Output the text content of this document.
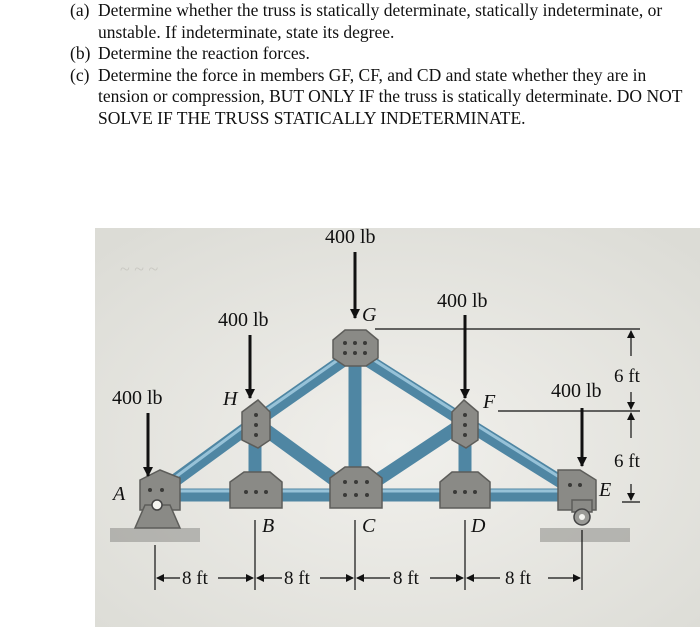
(a) Determine whether the truss is statically determinate, statically indeterminate, or unstable. If indeterminate, state its degree.
(b) Determine the reaction forces.
(c) Determine the force in members GF, CF, and CD and state whether they are in tension or compression, BUT ONLY IF the truss is statically determinate. DO NOT SOLVE IF THE TRUSS STATICALLY INDETERMINATE.
~ ~ ~
400 lb
400 lb
400 lb
400 lb
400 lb
G
H
A
F
E
B	C	D
8 ft	8 ft	8 ft	8 ft
6 ft
6 ft
